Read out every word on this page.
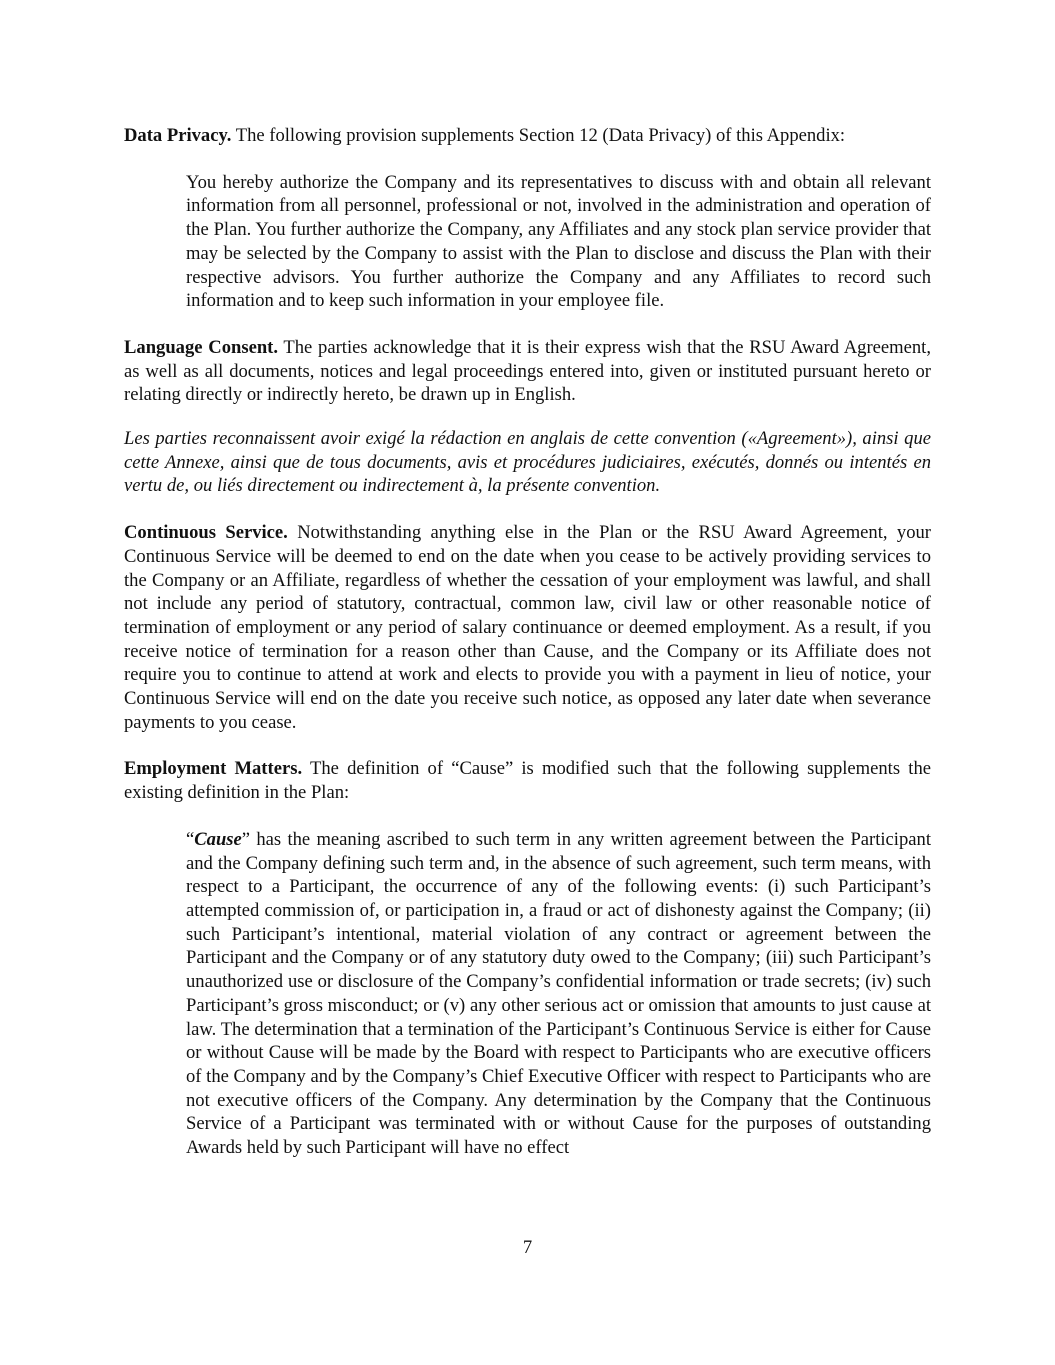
Data Privacy. The following provision supplements Section 12 (Data Privacy) of this Appendix:

You hereby authorize the Company and its representatives to discuss with and obtain all relevant information from all personnel, professional or not, involved in the administration and operation of the Plan. You further authorize the Company, any Affiliates and any stock plan service provider that may be selected by the Company to assist with the Plan to disclose and discuss the Plan with their respective advisors. You further authorize the Company and any Affiliates to record such information and to keep such information in your employee file.

Language Consent. The parties acknowledge that it is their express wish that the RSU Award Agreement, as well as all documents, notices and legal proceedings entered into, given or instituted pursuant hereto or relating directly or indirectly hereto, be drawn up in English.

Les parties reconnaissent avoir exigé la rédaction en anglais de cette convention («Agreement»), ainsi que cette Annexe, ainsi que de tous documents, avis et procédures judiciaires, exécutés, donnés ou intentés en vertu de, ou liés directement ou indirectement à, la présente convention.

Continuous Service. Notwithstanding anything else in the Plan or the RSU Award Agreement, your Continuous Service will be deemed to end on the date when you cease to be actively providing services to the Company or an Affiliate, regardless of whether the cessation of your employment was lawful, and shall not include any period of statutory, contractual, common law, civil law or other reasonable notice of termination of employment or any period of salary continuance or deemed employment. As a result, if you receive notice of termination for a reason other than Cause, and the Company or its Affiliate does not require you to continue to attend at work and elects to provide you with a payment in lieu of notice, your Continuous Service will end on the date you receive such notice, as opposed any later date when severance payments to you cease.

Employment Matters. The definition of “Cause” is modified such that the following supplements the existing definition in the Plan:

“Cause” has the meaning ascribed to such term in any written agreement between the Participant and the Company defining such term and, in the absence of such agreement, such term means, with respect to a Participant, the occurrence of any of the following events: (i) such Participant’s attempted commission of, or participation in, a fraud or act of dishonesty against the Company; (ii) such Participant’s intentional, material violation of any contract or agreement between the Participant and the Company or of any statutory duty owed to the Company; (iii) such Participant’s unauthorized use or disclosure of the Company’s confidential information or trade secrets; (iv) such Participant’s gross misconduct; or (v) any other serious act or omission that amounts to just cause at law. The determination that a termination of the Participant’s Continuous Service is either for Cause or without Cause will be made by the Board with respect to Participants who are executive officers of the Company and by the Company’s Chief Executive Officer with respect to Participants who are not executive officers of the Company. Any determination by the Company that the Continuous Service of a Participant was terminated with or without Cause for the purposes of outstanding Awards held by such Participant will have no effect

7
